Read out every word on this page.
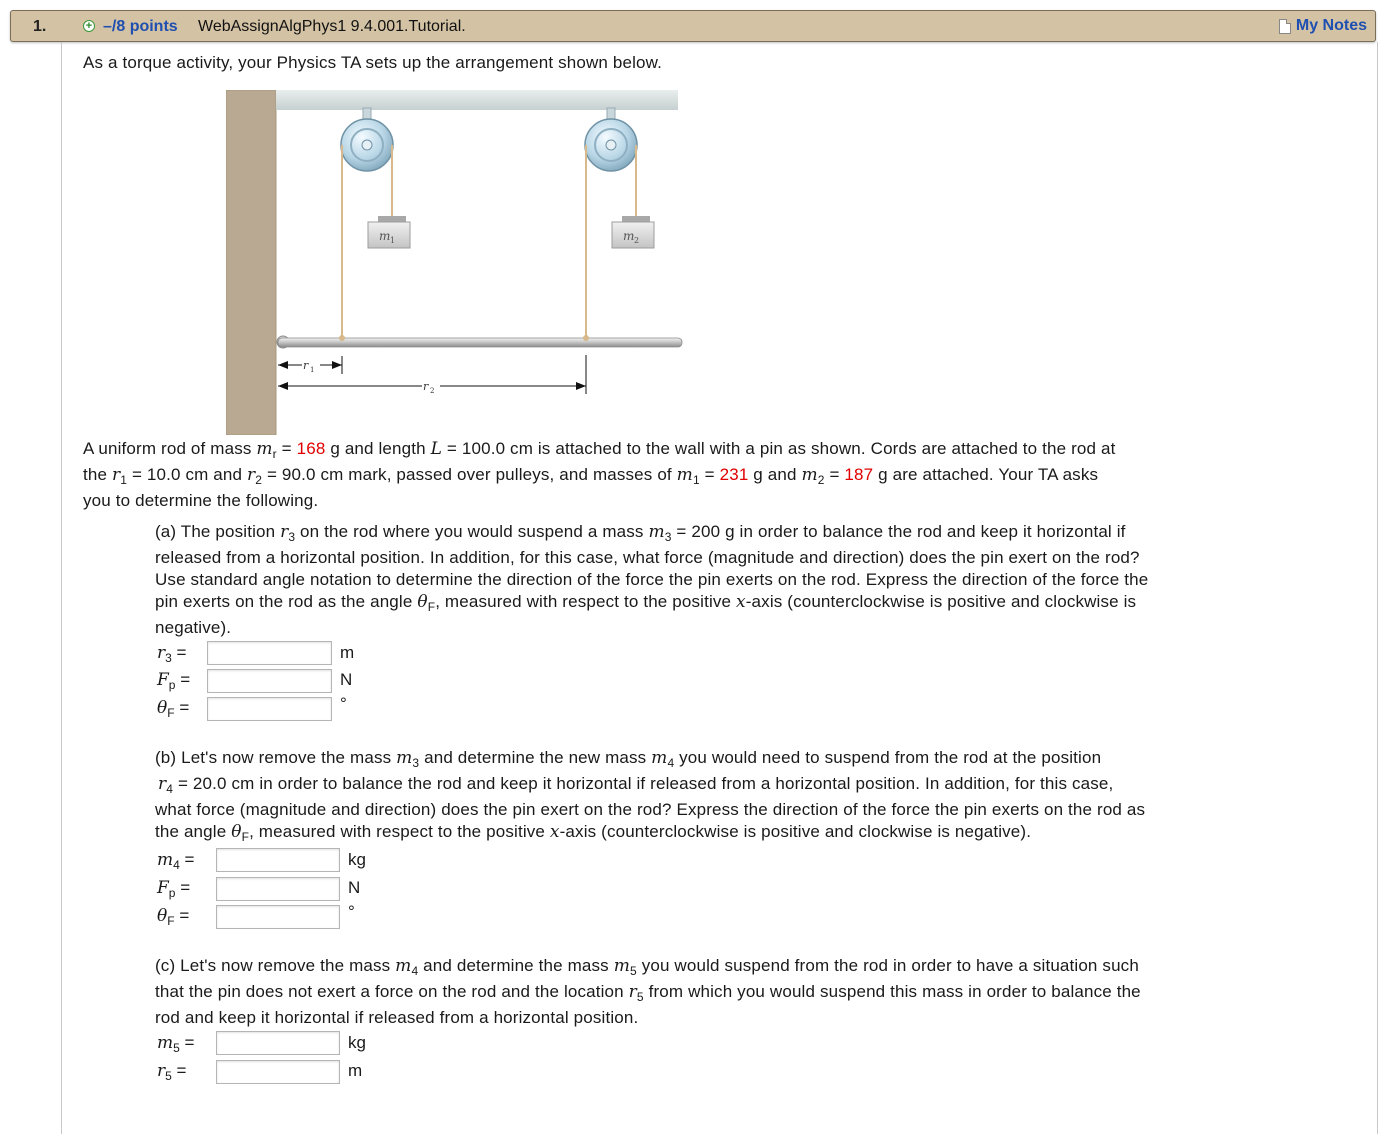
1.	+ –/8 points WebAssignAlgPhys1 9.4.001.Tutorial.	My Notes
As a torque activity, your Physics TA sets up the arrangement shown below.
m 1	m 2
r 1
r 2
A uniform rod of mass $m_r = 168$ g and length L = 100.0 cm is attached to the wall with a pin as shown. Cords are attached to the rod at
the $r_1 = 10.0$ cm and $r_2 = 90.0$ cm mark, passed over pulleys, and masses of $m_1 = 231$ g and $m_2 = 187$ g are attached. Your TA asks
you to determine the following.
(a) The position $r_3$ on the rod where you would suspend a mass $m_3 = 200$ g in order to balance the rod and keep it horizontal if
released from a horizontal position. In addition, for this case, what force (magnitude and direction) does the pin exert on the rod?
Use standard angle notation to determine the direction of the force the pin exerts on the rod. Express the direction of the force the
pin exerts on the rod as the angle $\theta_F$, measured with respect to the positive x-axis (counterclockwise is positive and clockwise is
negative).
$r_3$ =	m
$F_p$ =	N
$\theta_F$ =	°
(b) Let's now remove the mass $m_3$ and determine the new mass $m_4$ you would need to suspend from the rod at the position
$r_4 = 20.0$ cm in order to balance the rod and keep it horizontal if released from a horizontal position. In addition, for this case,
what force (magnitude and direction) does the pin exert on the rod? Express the direction of the force the pin exerts on the rod as
the angle $\theta_F$, measured with respect to the positive x-axis (counterclockwise is positive and clockwise is negative).
$m_4$ =	kg
$F_p$ =	N
$\theta_F$ =	°
(c) Let's now remove the mass $m_4$ and determine the mass $m_5$ you would suspend from the rod in order to have a situation such
that the pin does not exert a force on the rod and the location $r_5$ from which you would suspend this mass in order to balance the
rod and keep it horizontal if released from a horizontal position.
$m_5$ =	kg
$r_5$ =	m
